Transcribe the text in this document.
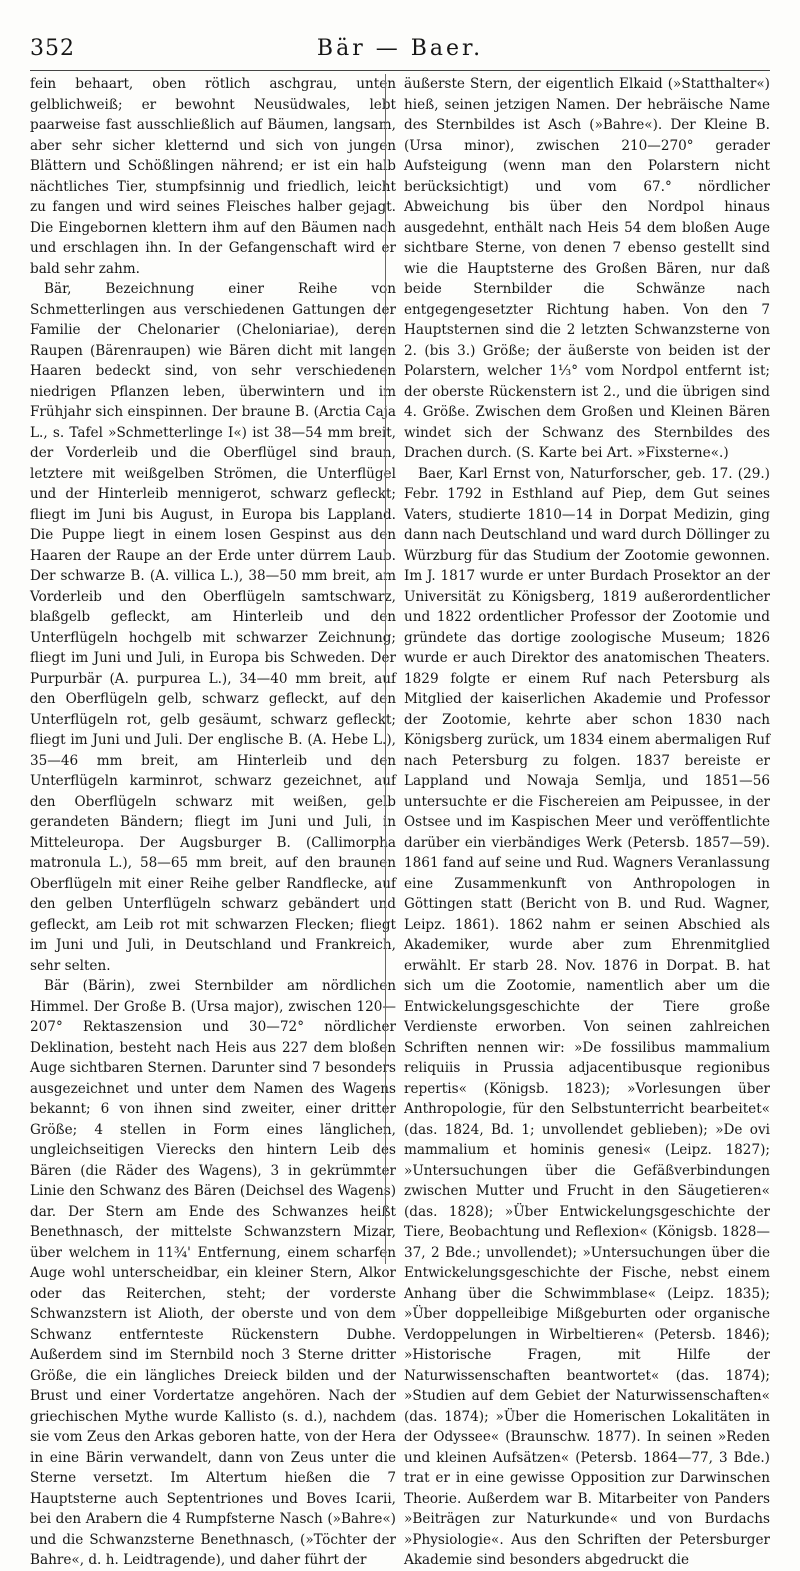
352	Bär — Baer.

fein behaart, oben rötlich aschgrau, unten gelblichweiß; er bewohnt Neusüdwales, lebt paarweise fast ausschließlich auf Bäumen, langsam, aber sehr sicher kletternd und sich von jungen Blättern und Schößlingen nährend; er ist ein halb nächtliches Tier, stumpfsinnig und friedlich, leicht zu fangen und wird seines Fleisches halber gejagt. Die Eingebornen klettern ihm auf den Bäumen nach und erschlagen ihn. In der Gefangenschaft wird er bald sehr zahm.

Bär, Bezeichnung einer Reihe von Schmetterlingen aus verschiedenen Gattungen der Familie der Chelonarier (Cheloniariae), deren Raupen (Bärenraupen) wie Bären dicht mit langen Haaren bedeckt sind, von sehr verschiedenen niedrigen Pflanzen leben, überwintern und im Frühjahr sich einspinnen. Der braune B. (Arctia Caja L., s. Tafel »Schmetterlinge I«) ist 38—54 mm breit, der Vorderleib und die Oberflügel sind braun, letztere mit weißgelben Strömen, die Unterflügel und der Hinterleib mennigerot, schwarz gefleckt; fliegt im Juni bis August, in Europa bis Lappland. Die Puppe liegt in einem losen Gespinst aus den Haaren der Raupe an der Erde unter dürrem Laub. Der schwarze B. (A. villica L.), 38—50 mm breit, am Vorderleib und den Oberflügeln samtschwarz, blaßgelb gefleckt, am Hinterleib und den Unterflügeln hochgelb mit schwarzer Zeichnung; fliegt im Juni und Juli, in Europa bis Schweden. Der Purpurbär (A. purpurea L.), 34—40 mm breit, auf den Oberflügeln gelb, schwarz gefleckt, auf den Unterflügeln rot, gelb gesäumt, schwarz gefleckt; fliegt im Juni und Juli. Der englische B. (A. Hebe L.), 35—46 mm breit, am Hinterleib und den Unterflügeln karminrot, schwarz gezeichnet, auf den Oberflügeln schwarz mit weißen, gelb gerandeten Bändern; fliegt im Juni und Juli, in Mitteleuropa. Der Augsburger B. (Callimorpha matronula L.), 58—65 mm breit, auf den braunen Oberflügeln mit einer Reihe gelber Randflecke, auf den gelben Unterflügeln schwarz gebändert und gefleckt, am Leib rot mit schwarzen Flecken; fliegt im Juni und Juli, in Deutschland und Frankreich, sehr selten.

Bär (Bärin), zwei Sternbilder am nördlichen Himmel. Der Große B. (Ursa major), zwischen 120—207° Rektaszension und 30—72° nördlicher Deklination, besteht nach Heis aus 227 dem bloßen Auge sichtbaren Sternen. Darunter sind 7 besonders ausgezeichnet und unter dem Namen des Wagens bekannt; 6 von ihnen sind zweiter, einer dritter Größe; 4 stellen in Form eines länglichen, ungleichseitigen Vierecks den hintern Leib des Bären (die Räder des Wagens), 3 in gekrümmter Linie den Schwanz des Bären (Deichsel des Wagens) dar. Der Stern am Ende des Schwanzes heißt Benethnasch, der mittelste Schwanzstern Mizar, über welchem in 11¾' Entfernung, einem scharfen Auge wohl unterscheidbar, ein kleiner Stern, Alkor oder das Reiterchen, steht; der vorderste Schwanzstern ist Alioth, der oberste und von dem Schwanz entfernteste Rückenstern Dubhe. Außerdem sind im Sternbild noch 3 Sterne dritter Größe, die ein längliches Dreieck bilden und der Brust und einer Vordertatze angehören. Nach der griechischen Mythe wurde Kallisto (s. d.), nachdem sie vom Zeus den Arkas geboren hatte, von der Hera in eine Bärin verwandelt, dann von Zeus unter die Sterne versetzt. Im Altertum hießen die 7 Hauptsterne auch Septentriones und Boves Icarii, bei den Arabern die 4 Rumpfsterne Nasch (»Bahre«) und die Schwanzsterne Benethnasch, (»Töchter der Bahre«, d. h. Leidtragende), und daher führt der

äußerste Stern, der eigentlich Elkaid (»Statthalter«) hieß, seinen jetzigen Namen. Der hebräische Name des Sternbildes ist Asch (»Bahre«). Der Kleine B. (Ursa minor), zwischen 210—270° gerader Aufsteigung (wenn man den Polarstern nicht berücksichtigt) und vom 67.° nördlicher Abweichung bis über den Nordpol hinaus ausgedehnt, enthält nach Heis 54 dem bloßen Auge sichtbare Sterne, von denen 7 ebenso gestellt sind wie die Hauptsterne des Großen Bären, nur daß beide Sternbilder die Schwänze nach entgegengesetzter Richtung haben. Von den 7 Hauptsternen sind die 2 letzten Schwanzsterne von 2. (bis 3.) Größe; der äußerste von beiden ist der Polarstern, welcher 1⅓° vom Nordpol entfernt ist; der oberste Rückenstern ist 2., und die übrigen sind 4. Größe. Zwischen dem Großen und Kleinen Bären windet sich der Schwanz des Sternbildes des Drachen durch. (S. Karte bei Art. »Fixsterne«.)

Baer, Karl Ernst von, Naturforscher, geb. 17. (29.) Febr. 1792 in Esthland auf Piep, dem Gut seines Vaters, studierte 1810—14 in Dorpat Medizin, ging dann nach Deutschland und ward durch Döllinger zu Würzburg für das Studium der Zootomie gewonnen. Im J. 1817 wurde er unter Burdach Prosektor an der Universität zu Königsberg, 1819 außerordentlicher und 1822 ordentlicher Professor der Zootomie und gründete das dortige zoologische Museum; 1826 wurde er auch Direktor des anatomischen Theaters. 1829 folgte er einem Ruf nach Petersburg als Mitglied der kaiserlichen Akademie und Professor der Zootomie, kehrte aber schon 1830 nach Königsberg zurück, um 1834 einem abermaligen Ruf nach Petersburg zu folgen. 1837 bereiste er Lappland und Nowaja Semlja, und 1851—56 untersuchte er die Fischereien am Peipussee, in der Ostsee und im Kaspischen Meer und veröffentlichte darüber ein vierbändiges Werk (Petersb. 1857—59). 1861 fand auf seine und Rud. Wagners Veranlassung eine Zusammenkunft von Anthropologen in Göttingen statt (Bericht von B. und Rud. Wagner, Leipz. 1861). 1862 nahm er seinen Abschied als Akademiker, wurde aber zum Ehrenmitglied erwählt. Er starb 28. Nov. 1876 in Dorpat. B. hat sich um die Zootomie, namentlich aber um die Entwickelungsgeschichte der Tiere große Verdienste erworben. Von seinen zahlreichen Schriften nennen wir: »De fossilibus mammalium reliquiis in Prussia adjacentibusque regionibus repertis« (Königsb. 1823); »Vorlesungen über Anthropologie, für den Selbstunterricht bearbeitet« (das. 1824, Bd. 1; unvollendet geblieben); »De ovi mammalium et hominis genesi« (Leipz. 1827); »Untersuchungen über die Gefäßverbindungen zwischen Mutter und Frucht in den Säugetieren« (das. 1828); »Über Entwickelungsgeschichte der Tiere, Beobachtung und Reflexion« (Königsb. 1828—37, 2 Bde.; unvollendet); »Untersuchungen über die Entwickelungsgeschichte der Fische, nebst einem Anhang über die Schwimmblase« (Leipz. 1835); »Über doppelleibige Mißgeburten oder organische Verdoppelungen in Wirbeltieren« (Petersb. 1846); »Historische Fragen, mit Hilfe der Naturwissenschaften beantwortet« (das. 1874); »Studien auf dem Gebiet der Naturwissenschaften« (das. 1874); »Über die Homerischen Lokalitäten in der Odyssee« (Braunschw. 1877). In seinen »Reden und kleinen Aufsätzen« (Petersb. 1864—77, 3 Bde.) trat er in eine gewisse Opposition zur Darwinschen Theorie. Außerdem war B. Mitarbeiter von Panders »Beiträgen zur Naturkunde« und von Burdachs »Physiologie«. Aus den Schriften der Petersburger Akademie sind besonders abgedruckt die
